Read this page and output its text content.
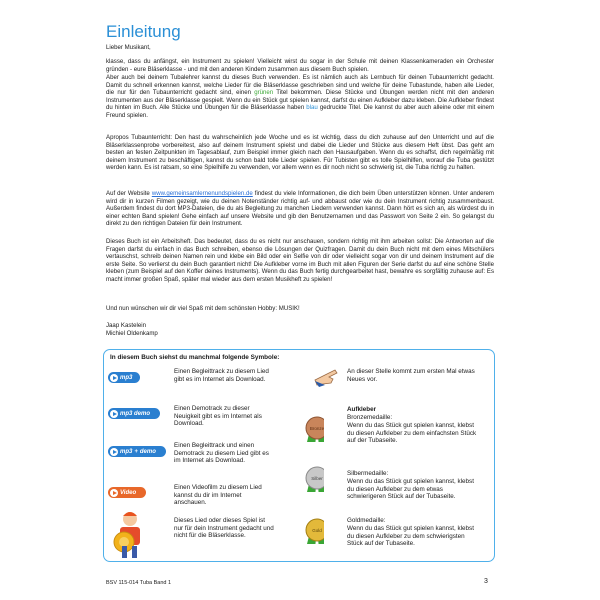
Einleitung
Lieber Musikant,
klasse, dass du anfängst, ein Instrument zu spielen! Vielleicht wirst du sogar in der Schule mit deinen Klassenkameraden ein Orchester gründen - eure Bläserklasse - und mit den anderen Kindern zusammen aus diesem Buch spielen.
Aber auch bei deinem Tubalehrer kannst du dieses Buch verwenden. Es ist nämlich auch als Lernbuch für deinen Tubaunterricht gedacht. Damit du schnell erkennen kannst, welche Lieder für die Bläserklasse geschrieben sind und welche für deine Tubastunde, haben alle Lieder, die nur für den Tubaunterricht gedacht sind, einen grünen Titel bekommen. Diese Stücke und Übungen werden nicht mit den anderen Instrumenten aus der Bläserklasse gespielt. Wenn du ein Stück gut spielen kannst, darfst du einen Aufkleber dazu kleben. Die Aufkleber findest du hinten im Buch. Alle Stücke und Übungen für die Bläserklasse haben blau gedruckte Titel. Die kannst du aber auch alleine oder mit einem Freund spielen.
Apropos Tubaunterricht: Den hast du wahrscheinlich jede Woche und es ist wichtig, dass du dich zuhause auf den Unterricht und auf die Bläserklassenprobe vorbereitest, also auf deinem Instrument spielst und dabei die Lieder und Stücke aus diesem Heft übst. Das geht am besten an festen Zeitpunkten im Tagesablauf, zum Beispiel immer gleich nach den Hausaufgaben. Wenn du es schaffst, dich regelmäßig mit deinem Instrument zu beschäftigen, kannst du schon bald tolle Lieder spielen. Für Tubisten gibt es tolle Spielhilfen, worauf die Tuba gestützt werden kann. Es ist ratsam, so eine Spielhilfe zu verwenden, vor allem wenn es dir noch nicht so schwierig ist, die Tuba richtig zu halten.
Auf der Website www.gemeinsamlernenundspielen.de findest du viele Informationen, die dich beim Üben unterstützen können. Unter anderem wird dir in kurzen Filmen gezeigt, wie du deinen Notenständer richtig auf- und abbaust oder wie du dein Instrument richtig zusammenbaust. Außerdem findest du dort MP3-Dateien, die du als Begleitung zu manchen Liedern verwenden kannst. Dann hört es sich an, als würdest du in einer echten Band spielen! Gehe einfach auf unsere Website und gib den Benutzernamen und das Passwort von Seite 2 ein. So gelangst du direkt zu den richtigen Dateien für dein Instrument.
Dieses Buch ist ein Arbeitsheft. Das bedeutet, dass du es nicht nur anschauen, sondern richtig mit ihm arbeiten sollst: Die Antworten auf die Fragen darfst du einfach in das Buch schreiben, ebenso die Lösungen der Quizfragen. Damit du dein Buch nicht mit dem eines Mitschülers vertauschst, schreib deinen Namen rein und klebe ein Bild oder ein Selfie von dir oder vielleicht sogar von dir und deinem Instrument auf die erste Seite. So verlierst du dein Buch garantiert nicht! Die Aufkleber vorne im Buch mit allen Figuren der Serie darfst du auf eine schöne Stelle kleben (zum Beispiel auf den Koffer deines Instruments). Wenn du das Buch fertig durchgearbeitet hast, bewahre es sorgfältig zuhause auf: Es macht immer großen Spaß, später mal wieder aus dem ersten Musikheft zu spielen!
Und nun wünschen wir dir viel Spaß mit dem schönsten Hobby: MUSIK!
Jaap Kastelein
Michiel Oldenkamp
In diesem Buch siehst du manchmal folgende Symbole:
mp3
Einen Begleittrack zu diesem Lied gibt es im Internet als Download.
mp3 demo
Einen Demotrack zu dieser Neuigkeit gibt es im Internet als Download.
mp3 + demo
Einen Begleittrack und einen Demotrack zu diesem Lied gibt es im Internet als Download.
Video
Einen Videofilm zu diesem Lied kannst du dir im Internet anschauen.
Dieses Lied oder dieses Spiel ist nur für dein Instrument gedacht und nicht für die Bläserklasse.
An dieser Stelle kommt zum ersten Mal etwas Neues vor.
Aufkleber
Bronze
Bronzemedaille:
Wenn du das Stück gut spielen kannst, klebst du diesen Aufkleber zu dem einfachsten Stück auf der Tubaseite.
Silber
Silbermedaille:
Wenn du das Stück gut spielen kannst, klebst du diesen Aufkleber zu dem etwas schwierigeren Stück auf der Tubaseite.
Gold
Goldmedaille:
Wenn du das Stück gut spielen kannst, klebst du diesen Aufkleber zu dem schwierigsten Stück auf der Tubaseite.
BSV 115-014 Tuba Band 1	3
